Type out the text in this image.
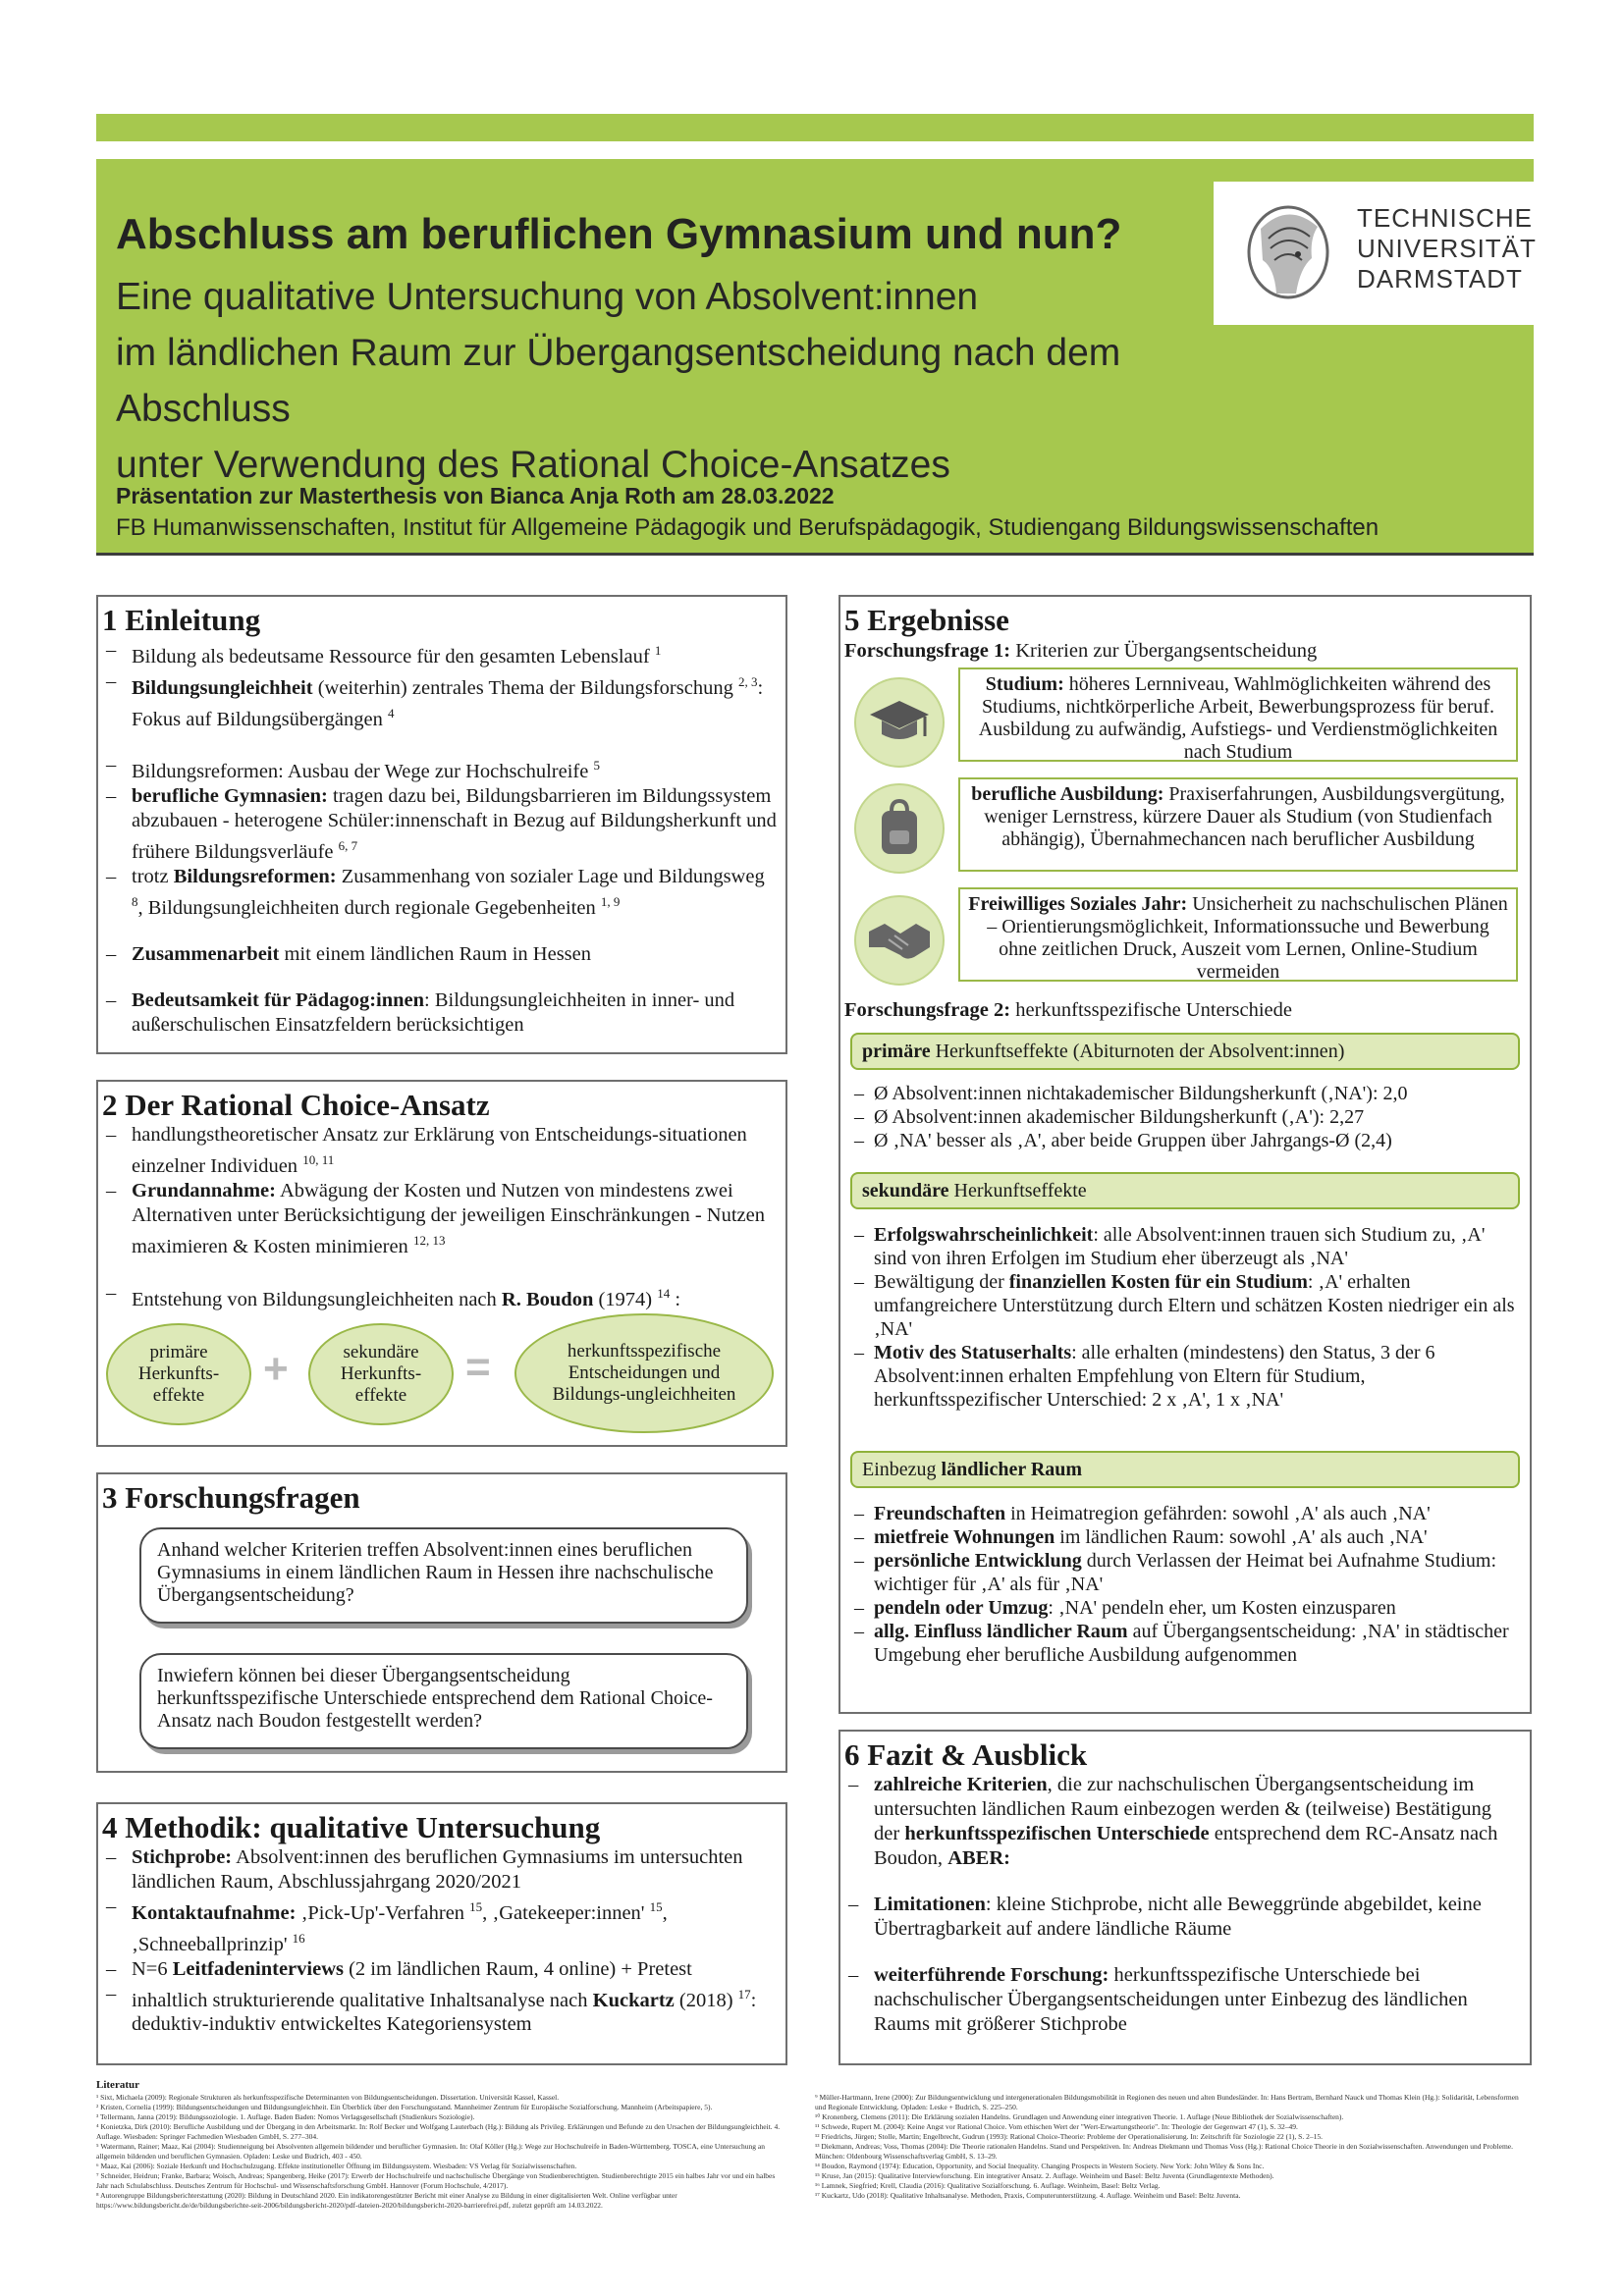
Abschluss am beruflichen Gymnasium und nun?
Eine qualitative Untersuchung von Absolvent:innen
im ländlichen Raum zur Übergangsentscheidung nach dem Abschluss
unter Verwendung des Rational Choice-Ansatzes
TECHNISCHE
UNIVERSITÄT
DARMSTADT
Präsentation zur Masterthesis von Bianca Anja Roth am 28.03.2022
FB Humanwissenschaften, Institut für Allgemeine Pädagogik und Berufspädagogik, Studiengang Bildungswissenschaften
1 Einleitung
– Bildung als bedeutsame Ressource für den gesamten Lebenslauf $^1$
– Bildungsungleichheit (weiterhin) zentrales Thema der Bildungsforschung $^{2, 3}$: Fokus auf Bildungsübergängen $^4$
– Bildungsreformen: Ausbau der Wege zur Hochschulreife $^5$
– berufliche Gymnasien: tragen dazu bei, Bildungsbarrieren im Bildungssystem abzubauen - heterogene Schüler:innenschaft in Bezug auf Bildungsherkunft und frühere Bildungsverläufe $^{6, 7}$
– trotz Bildungsreformen: Zusammenhang von sozialer Lage und Bildungsweg $^8$, Bildungsungleichheiten durch regionale Gegebenheiten $^{1, 9}$
– Zusammenarbeit mit einem ländlichen Raum in Hessen
– Bedeutsamkeit für Pädagog:innen: Bildungsungleichheiten in inner- und außerschulischen Einsatzfeldern berücksichtigen
2 Der Rational Choice-Ansatz
– handlungstheoretischer Ansatz zur Erklärung von Entscheidungs-situationen einzelner Individuen $^{10, 11}$
– Grundannahme: Abwägung der Kosten und Nutzen von mindestens zwei Alternativen unter Berücksichtigung der jeweiligen Einschränkungen - Nutzen maximieren & Kosten minimieren $^{12, 13}$
– Entstehung von Bildungsungleichheiten nach R. Boudon (1974) $^{14}$ :
primäre Herkunfts-effekte
+	sekundäre Herkunfts-effekte
=	herkunftsspezifische Entscheidungen und Bildungs-ungleichheiten
3 Forschungsfragen
Anhand welcher Kriterien treffen Absolvent:innen eines beruflichen Gymnasiums in einem ländlichen Raum in Hessen ihre nachschulische Übergangsentscheidung?
Inwiefern können bei dieser Übergangsentscheidung herkunftsspezifische Unterschiede entsprechend dem Rational Choice-Ansatz nach Boudon festgestellt werden?
4 Methodik: qualitative Untersuchung
– Stichprobe: Absolvent:innen des beruflichen Gymnasiums im untersuchten ländlichen Raum, Abschlussjahrgang 2020/2021
– Kontaktaufnahme: ‚Pick-Up'-Verfahren $^{15}$, ‚Gatekeeper:innen' $^{15}$, ‚Schneeballprinzip' $^{16}$
– N=6 Leitfadeninterviews (2 im ländlichen Raum, 4 online) + Pretest
– inhaltlich strukturierende qualitative Inhaltsanalyse nach Kuckartz (2018) $^{17}$: deduktiv-induktiv entwickeltes Kategoriensystem
5 Ergebnisse
Forschungsfrage 1: Kriterien zur Übergangsentscheidung
Studium: höheres Lernniveau, Wahlmöglichkeiten während des Studiums, nichtkörperliche Arbeit, Bewerbungsprozess für beruf. Ausbildung zu aufwändig, Aufstiegs- und Verdienstmöglichkeiten nach Studium
berufliche Ausbildung: Praxiserfahrungen, Ausbildungsvergütung, weniger Lernstress, kürzere Dauer als Studium (von Studienfach abhängig), Übernahmechancen nach beruflicher Ausbildung
Freiwilliges Soziales Jahr: Unsicherheit zu nachschulischen Plänen – Orientierungsmöglichkeit, Informationssuche und Bewerbung ohne zeitlichen Druck, Auszeit vom Lernen, Online-Studium vermeiden
Forschungsfrage 2: herkunftsspezifische Unterschiede
primäre Herkunftseffekte (Abiturnoten der Absolvent:innen)
– Ø Absolvent:innen nichtakademischer Bildungsherkunft (‚NA'): 2,0
– Ø Absolvent:innen akademischer Bildungsherkunft (‚A'): 2,27
– Ø ‚NA' besser als ‚A', aber beide Gruppen über Jahrgangs-Ø (2,4)
sekundäre Herkunftseffekte
– Erfolgswahrscheinlichkeit: alle Absolvent:innen trauen sich Studium zu, ‚A' sind von ihren Erfolgen im Studium eher überzeugt als ‚NA'
– Bewältigung der finanziellen Kosten für ein Studium: ‚A' erhalten umfangreichere Unterstützung durch Eltern und schätzen Kosten niedriger ein als ‚NA'
– Motiv des Statuserhalts: alle erhalten (mindestens) den Status, 3 der 6 Absolvent:innen erhalten Empfehlung von Eltern für Studium, herkunftsspezifischer Unterschied: 2 x ‚A', 1 x ‚NA'
Einbezug ländlicher Raum
– Freundschaften in Heimatregion gefährden: sowohl ‚A' als auch ‚NA'
– mietfreie Wohnungen im ländlichen Raum: sowohl ‚A' als auch ‚NA'
– persönliche Entwicklung durch Verlassen der Heimat bei Aufnahme Studium: wichtiger für ‚A' als für ‚NA'
– pendeln oder Umzug: ‚NA' pendeln eher, um Kosten einzusparen
– allg. Einfluss ländlicher Raum auf Übergangsentscheidung: ‚NA' in städtischer Umgebung eher berufliche Ausbildung aufgenommen
6 Fazit & Ausblick
– zahlreiche Kriterien, die zur nachschulischen Übergangsentscheidung im untersuchten ländlichen Raum einbezogen werden & (teilweise) Bestätigung der herkunftsspezifischen Unterschiede entsprechend dem RC-Ansatz nach Boudon, ABER:
– Limitationen: kleine Stichprobe, nicht alle Beweggründe abgebildet, keine Übertragbarkeit auf andere ländliche Räume
– weiterführende Forschung: herkunftsspezifische Unterschiede bei nachschulischer Übergangsentscheidungen unter Einbezug des ländlichen Raums mit größerer Stichprobe
Literatur
¹ Sixt, Michaela (2009): Regionale Strukturen als herkunftsspezifische Determinanten von Bildungsentscheidungen. Dissertation. Universität Kassel, Kassel.
² Kristen, Cornelia (1999): Bildungsentscheidungen und Bildungsungleichheit. Ein Überblick über den Forschungsstand. Mannheimer Zentrum für Europäische Sozialforschung. Mannheim (Arbeitspapiere, 5).
³ Tellermann, Janna (2019): Bildungssoziologie. 1. Auflage. Baden Baden: Nomos Verlagsgesellschaft (Studienkurs Soziologie).
⁴ Konietzka, Dirk (2010): Berufliche Ausbildung und der Übergang in den Arbeitsmarkt. In: Rolf Becker und Wolfgang Lauterbach (Hg.): Bildung als Privileg. Erklärungen und Befunde zu den Ursachen der Bildungsungleichheit. 4. Auflage. Wiesbaden: Springer Fachmedien Wiesbaden GmbH, S. 277–304.
⁵ Watermann, Rainer; Maaz, Kai (2004): Studienneigung bei Absolventen allgemein bildender und beruflicher Gymnasien. In: Olaf Köller (Hg.): Wege zur Hochschulreife in Baden-Württemberg. TOSCA, eine Untersuchung an allgemein bildenden und beruflichen Gymnasien. Opladen: Leske und Budrich, 403 - 450.
⁶ Maaz, Kai (2006): Soziale Herkunft und Hochschulzugang. Effekte institutioneller Öffnung im Bildungssystem. Wiesbaden: VS Verlag für Sozialwissenschaften.
⁷ Schneider, Heidrun; Franke, Barbara; Woisch, Andreas; Spangenberg, Heike (2017): Erwerb der Hochschulreife und nachschulische Übergänge von Studienberechtigten. Studienberechtigte 2015 ein halbes Jahr vor und ein halbes Jahr nach Schulabschluss. Deutsches Zentrum für Hochschul- und Wissenschaftsforschung GmbH. Hannover (Forum Hochschule, 4/2017).
⁸ Autorengruppe Bildungsberichterstattung (2020): Bildung in Deutschland 2020. Ein indikatorengestützter Bericht mit einer Analyse zu Bildung in einer digitalisierten Welt. Online verfügbar unter https://www.bildungsbericht.de/de/bildungsberichte-seit-2006/bildungsbericht-2020/pdf-dateien-2020/bildungsbericht-2020-barrierefrei.pdf, zuletzt geprüft am 14.03.2022.
⁹ Müller-Hartmann, Irene (2000): Zur Bildungsentwicklung und intergenerationalen Bildungsmobilität in Regionen des neuen und alten Bundesländer. In: Hans Bertram, Bernhard Nauck und Thomas Klein (Hg.): Solidarität, Lebensformen und Regionale Entwicklung. Opladen: Leske + Budrich, S. 225–250.
¹⁰ Kronenberg, Clemens (2011): Die Erklärung sozialen Handelns. Grundlagen und Anwendung einer integrativen Theorie. 1. Auflage (Neue Bibliothek der Sozialwissenschaften).
¹¹ Schwede, Rupert M. (2004): Keine Angst vor Rational Choice. Vom ethischen Wert der "Wert-Erwartungstheorie". In: Theologie der Gegenwart 47 (1), S. 32–49.
¹² Friedrichs, Jürgen; Stolle, Martin; Engelbrecht, Gudrun (1993): Rational Choice-Theorie: Probleme der Operationalisierung. In: Zeitschrift für Soziologie 22 (1), S. 2–15.
¹³ Diekmann, Andreas; Voss, Thomas (2004): Die Theorie rationalen Handelns. Stand und Perspektiven. In: Andreas Diekmann und Thomas Voss (Hg.): Rational Choice Theorie in den Sozialwissenschaften. Anwendungen und Probleme. München: Oldenbourg Wissenschaftsverlag GmbH, S. 13–29.
¹⁴ Boudon, Raymond (1974): Education, Opportunity, and Social Inequality. Changing Prospects in Western Society. New York: John Wiley & Sons Inc.
¹⁵ Kruse, Jan (2015): Qualitative Interviewforschung. Ein integrativer Ansatz. 2. Auflage. Weinheim und Basel: Beltz Juventa (Grundlagentexte Methoden).
¹⁶ Lamnek, Siegfried; Krell, Claudia (2016): Qualitative Sozialforschung. 6. Auflage. Weinheim, Basel: Beltz Verlag.
¹⁷ Kuckartz, Udo (2018): Qualitative Inhaltsanalyse. Methoden, Praxis, Computerunterstützung. 4. Auflage. Weinheim und Basel: Beltz Juventa.
